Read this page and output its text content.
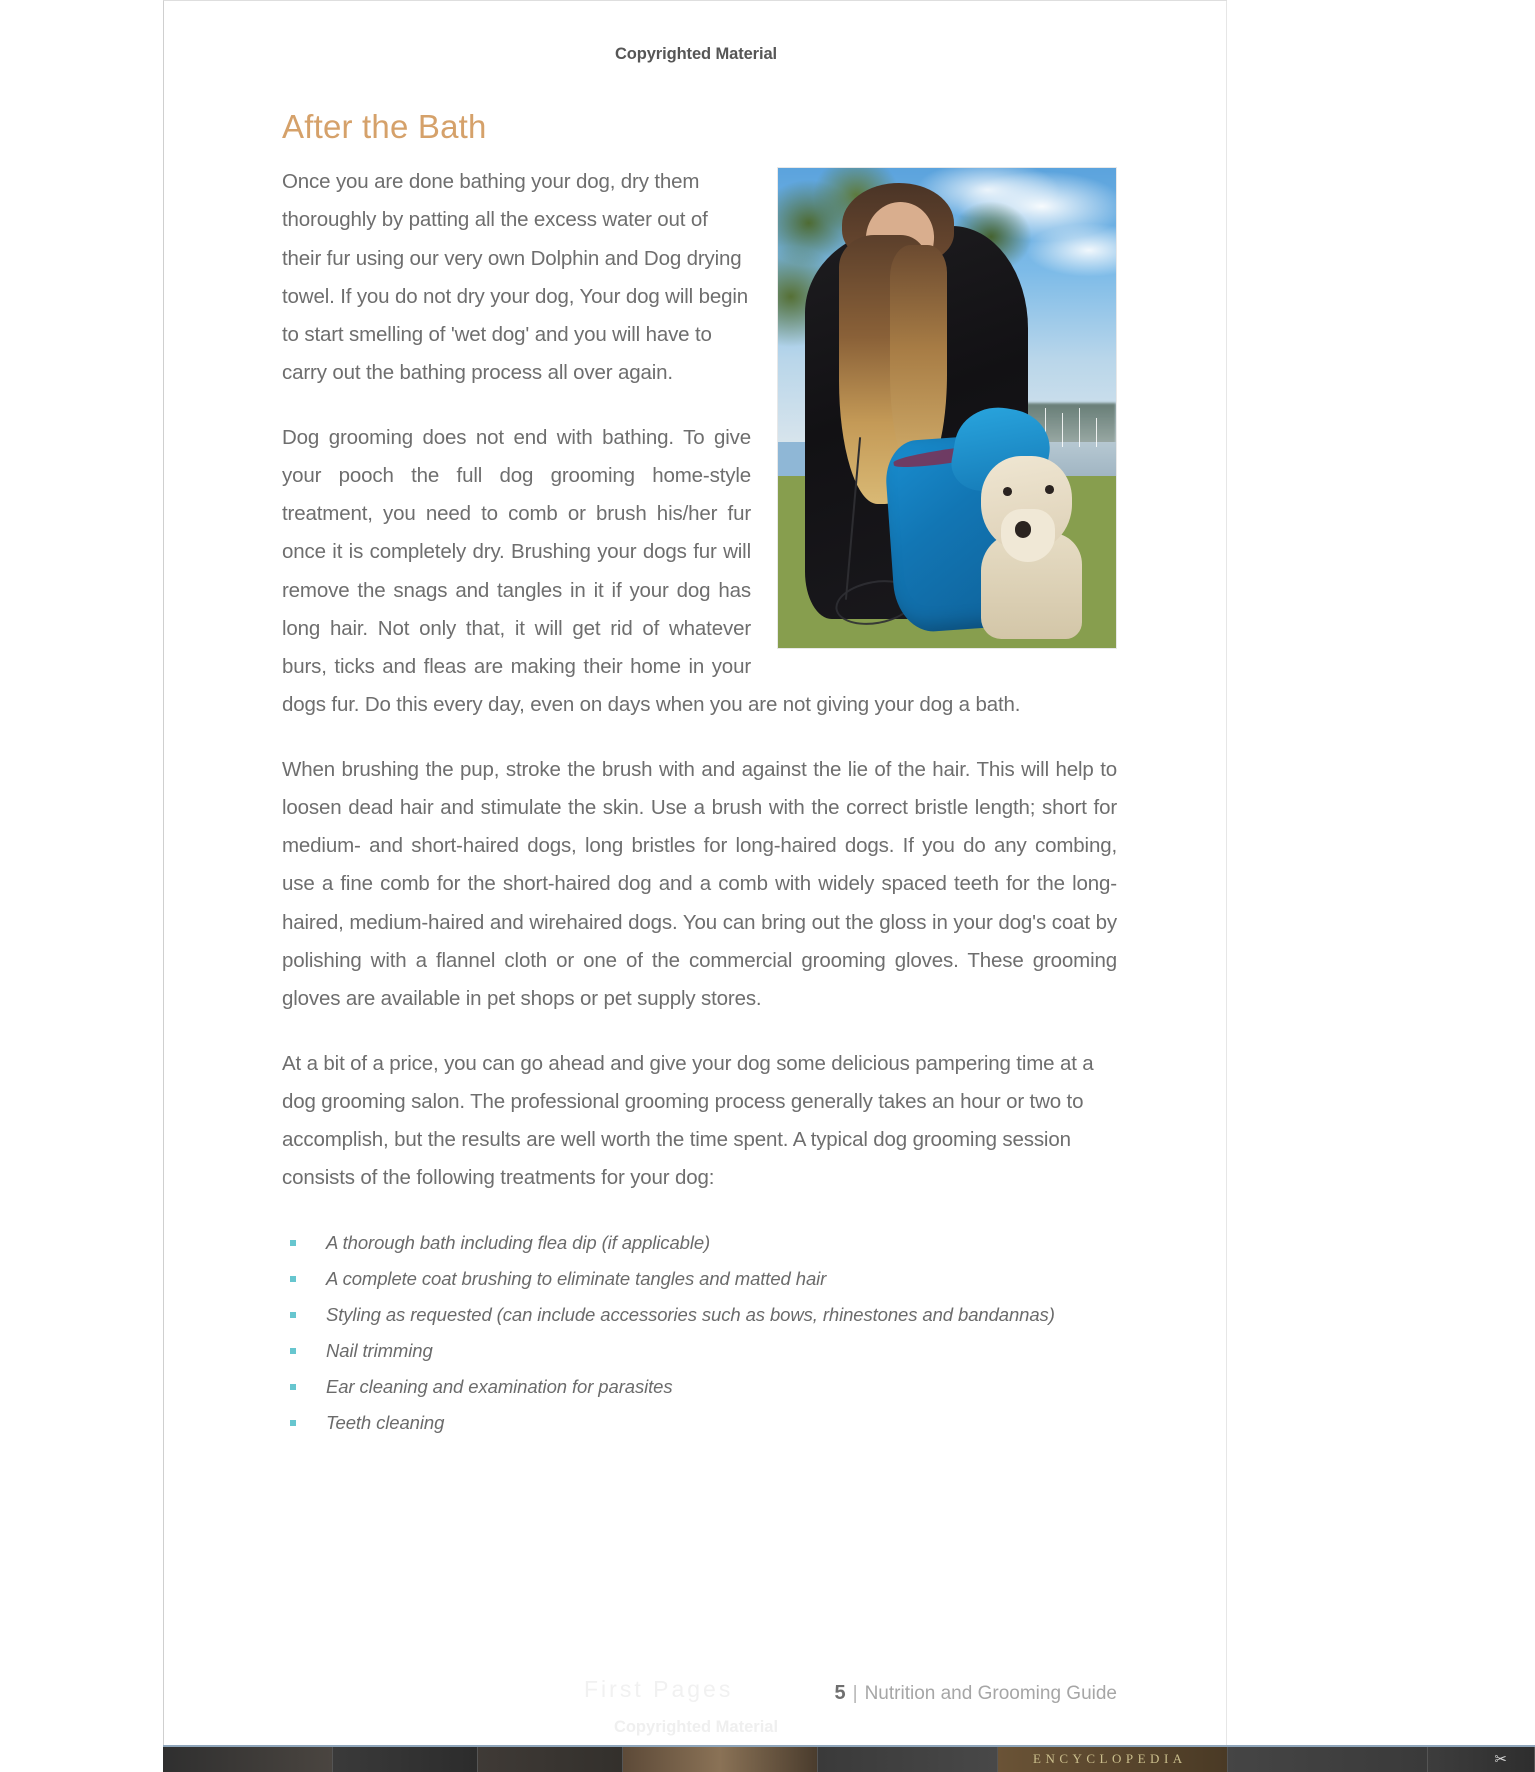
Copyrighted Material
After the Bath

Once you are done bathing your dog, dry them thoroughly by patting all the excess water out of their fur using our very own Dolphin and Dog drying towel. If you do not dry your dog, Your dog will begin to start smelling of 'wet dog' and you will have to carry out the bathing process all over again.

Dog grooming does not end with bathing. To give your pooch the full dog grooming home-style treatment, you need to comb or brush his/her fur once it is completely dry. Brushing your dogs fur will remove the snags and tangles in it if your dog has long hair. Not only that, it will get rid of whatever burs, ticks and fleas are making their home in your dogs fur. Do this every day, even on days when you are not giving your dog a bath.

When brushing the pup, stroke the brush with and against the lie of the hair. This will help to loosen dead hair and stimulate the skin. Use a brush with the correct bristle length; short for medium- and short-haired dogs, long bristles for long-haired dogs. If you do any combing, use a fine comb for the short-haired dog and a comb with widely spaced teeth for the long-haired, medium-haired and wirehaired dogs. You can bring out the gloss in your dog's coat by polishing with a flannel cloth or one of the commercial grooming gloves. These grooming gloves are available in pet shops or pet supply stores.

At a bit of a price, you can go ahead and give your dog some delicious pampering time at a dog grooming salon. The professional grooming process generally takes an hour or two to accomplish, but the results are well worth the time spent. A typical dog grooming session consists of the following treatments for your dog:

A thorough bath including flea dip (if applicable)
A complete coat brushing to eliminate tangles and matted hair
Styling as requested (can include accessories such as bows, rhinestones and bandannas)
Nail trimming
Ear cleaning and examination for parasites
Teeth cleaning
First Pages	5 | Nutrition and Grooming Guide
Copyrighted Material
ENCYCLOPEDIA	✂
